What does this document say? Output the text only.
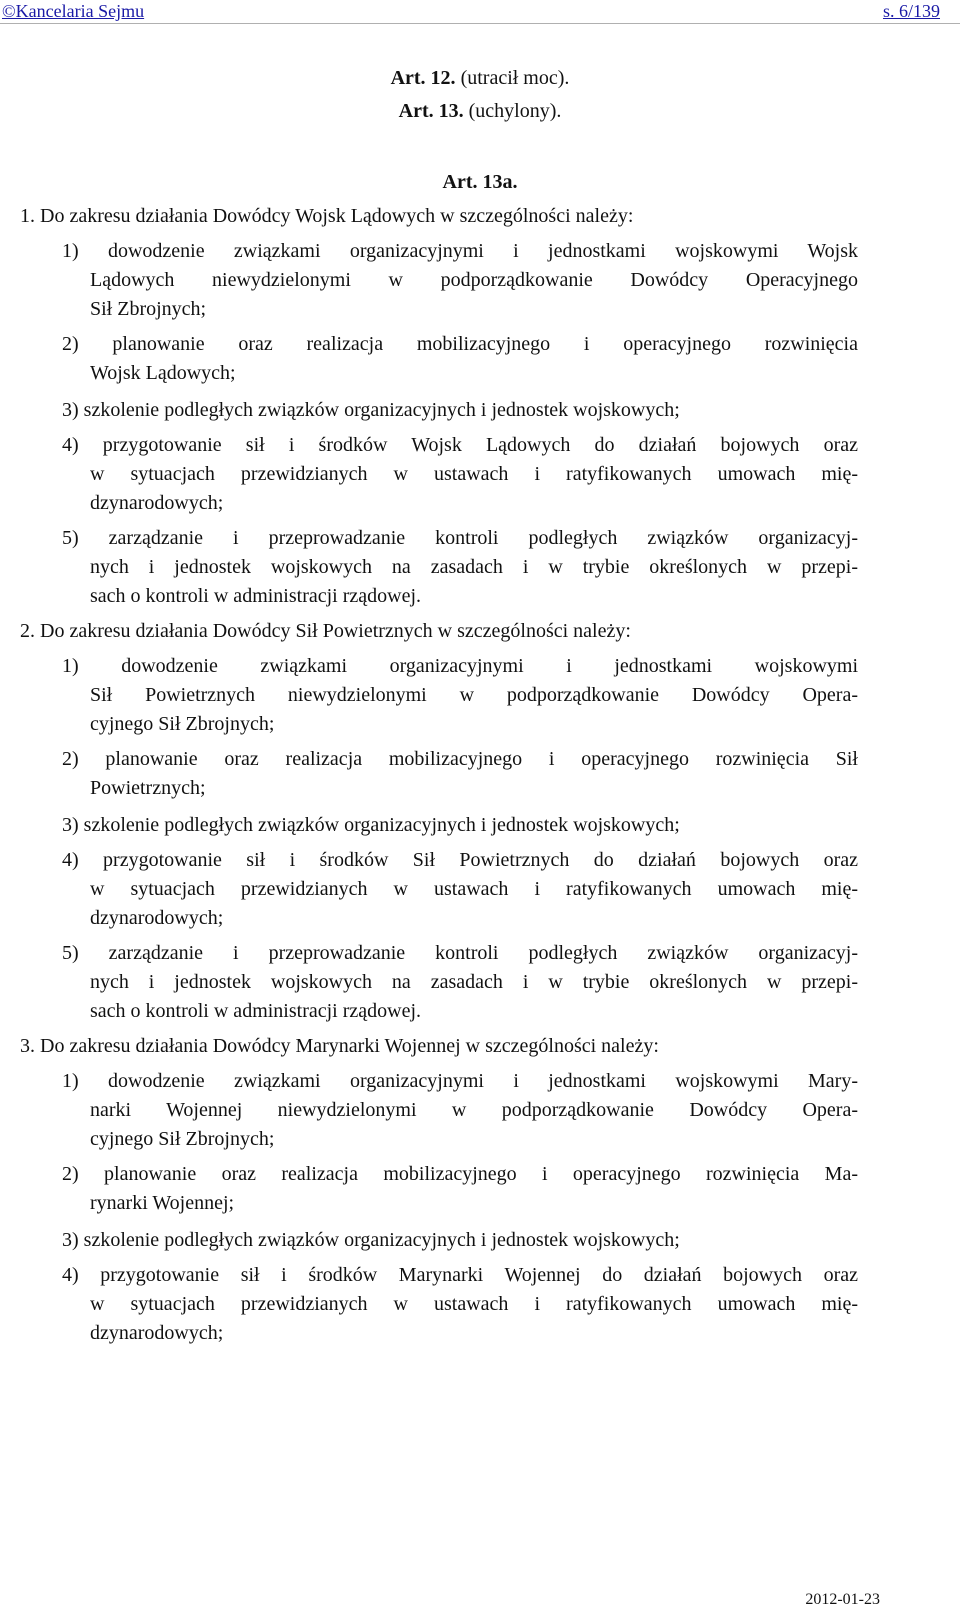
©Kancelaria Sejmu	s. 6/139
Art. 12. (utracił moc).
Art. 13. (uchylony).
Art. 13a.
1. Do zakresu działania Dowódcy Wojsk Lądowych w szczególności należy:
1) dowodzenie związkami organizacyjnymi i jednostkami wojskowymi Wojsk
Lądowych niewydzielonymi w podporządkowanie Dowódcy Operacyjnego
Sił Zbrojnych;
2) planowanie oraz realizacja mobilizacyjnego i operacyjnego rozwinięcia
Wojsk Lądowych;
3) szkolenie podległych związków organizacyjnych i jednostek wojskowych;
4) przygotowanie sił i środków Wojsk Lądowych do działań bojowych oraz
w sytuacjach przewidzianych w ustawach i ratyfikowanych umowach mię-
dzynarodowych;
5) zarządzanie i przeprowadzanie kontroli podległych związków organizacyj-
nych i jednostek wojskowych na zasadach i w trybie określonych w przepi-
sach o kontroli w administracji rządowej.
2. Do zakresu działania Dowódcy Sił Powietrznych w szczególności należy:
1) dowodzenie związkami organizacyjnymi i jednostkami wojskowymi
Sił Powietrznych niewydzielonymi w podporządkowanie Dowódcy Opera-
cyjnego Sił Zbrojnych;
2) planowanie oraz realizacja mobilizacyjnego i operacyjnego rozwinięcia Sił
Powietrznych;
3) szkolenie podległych związków organizacyjnych i jednostek wojskowych;
4) przygotowanie sił i środków Sił Powietrznych do działań bojowych oraz
w sytuacjach przewidzianych w ustawach i ratyfikowanych umowach mię-
dzynarodowych;
5) zarządzanie i przeprowadzanie kontroli podległych związków organizacyj-
nych i jednostek wojskowych na zasadach i w trybie określonych w przepi-
sach o kontroli w administracji rządowej.
3. Do zakresu działania Dowódcy Marynarki Wojennej w szczególności należy:
1) dowodzenie związkami organizacyjnymi i jednostkami wojskowymi Mary-
narki Wojennej niewydzielonymi w podporządkowanie Dowódcy Opera-
cyjnego Sił Zbrojnych;
2) planowanie oraz realizacja mobilizacyjnego i operacyjnego rozwinięcia Ma-
rynarki Wojennej;
3) szkolenie podległych związków organizacyjnych i jednostek wojskowych;
4) przygotowanie sił i środków Marynarki Wojennej do działań bojowych oraz
w sytuacjach przewidzianych w ustawach i ratyfikowanych umowach mię-
dzynarodowych;
2012-01-23
